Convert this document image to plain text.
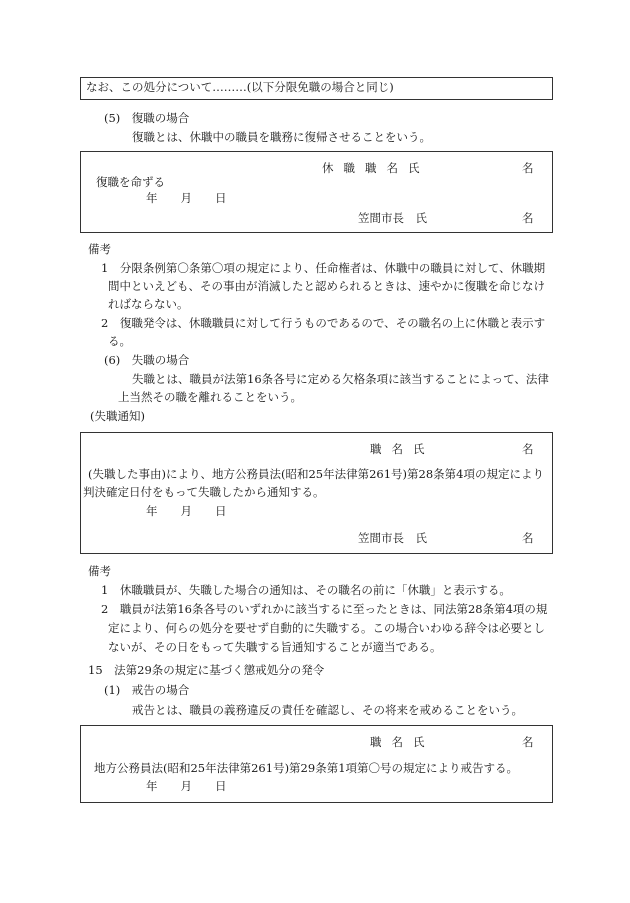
なお、この処分について………(以下分限免職の場合と同じ)
(5)　復職の場合
復職とは、休職中の職員を職務に復帰させることをいう。
休職職名氏	名
復職を命ずる
年　　月　　日
笠間市長　氏	名
備考
1　分限条例第〇条第〇項の規定により、任命権者は、休職中の職員に対して、休職期
間中といえども、その事由が消滅したと認められるときは、速やかに復職を命じなけ
ればならない。
2　復職発令は、休職職員に対して行うものであるので、その職名の上に休職と表示す
る。
(6)　失職の場合
失職とは、職員が法第16条各号に定める欠格条項に該当することによって、法律
上当然その職を離れることをいう。
(失職通知)
職名氏	名
(失職した事由)により、地方公務員法(昭和25年法律第261号)第28条第4項の規定により
判決確定日付をもって失職したから通知する。
年　　月　　日
笠間市長　氏	名
備考
1　休職職員が、失職した場合の通知は、その職名の前に「休職」と表示する。
2　職員が法第16条各号のいずれかに該当するに至ったときは、同法第28条第4項の規
定により、何らの処分を要せず自動的に失職する。この場合いわゆる辞令は必要とし
ないが、その日をもって失職する旨通知することが適当である。
15　法第29条の規定に基づく懲戒処分の発令
(1)　戒告の場合
戒告とは、職員の義務違反の責任を確認し、その将来を戒めることをいう。
職名氏	名
地方公務員法(昭和25年法律第261号)第29条第1項第〇号の規定により戒告する。
年　　月　　日
